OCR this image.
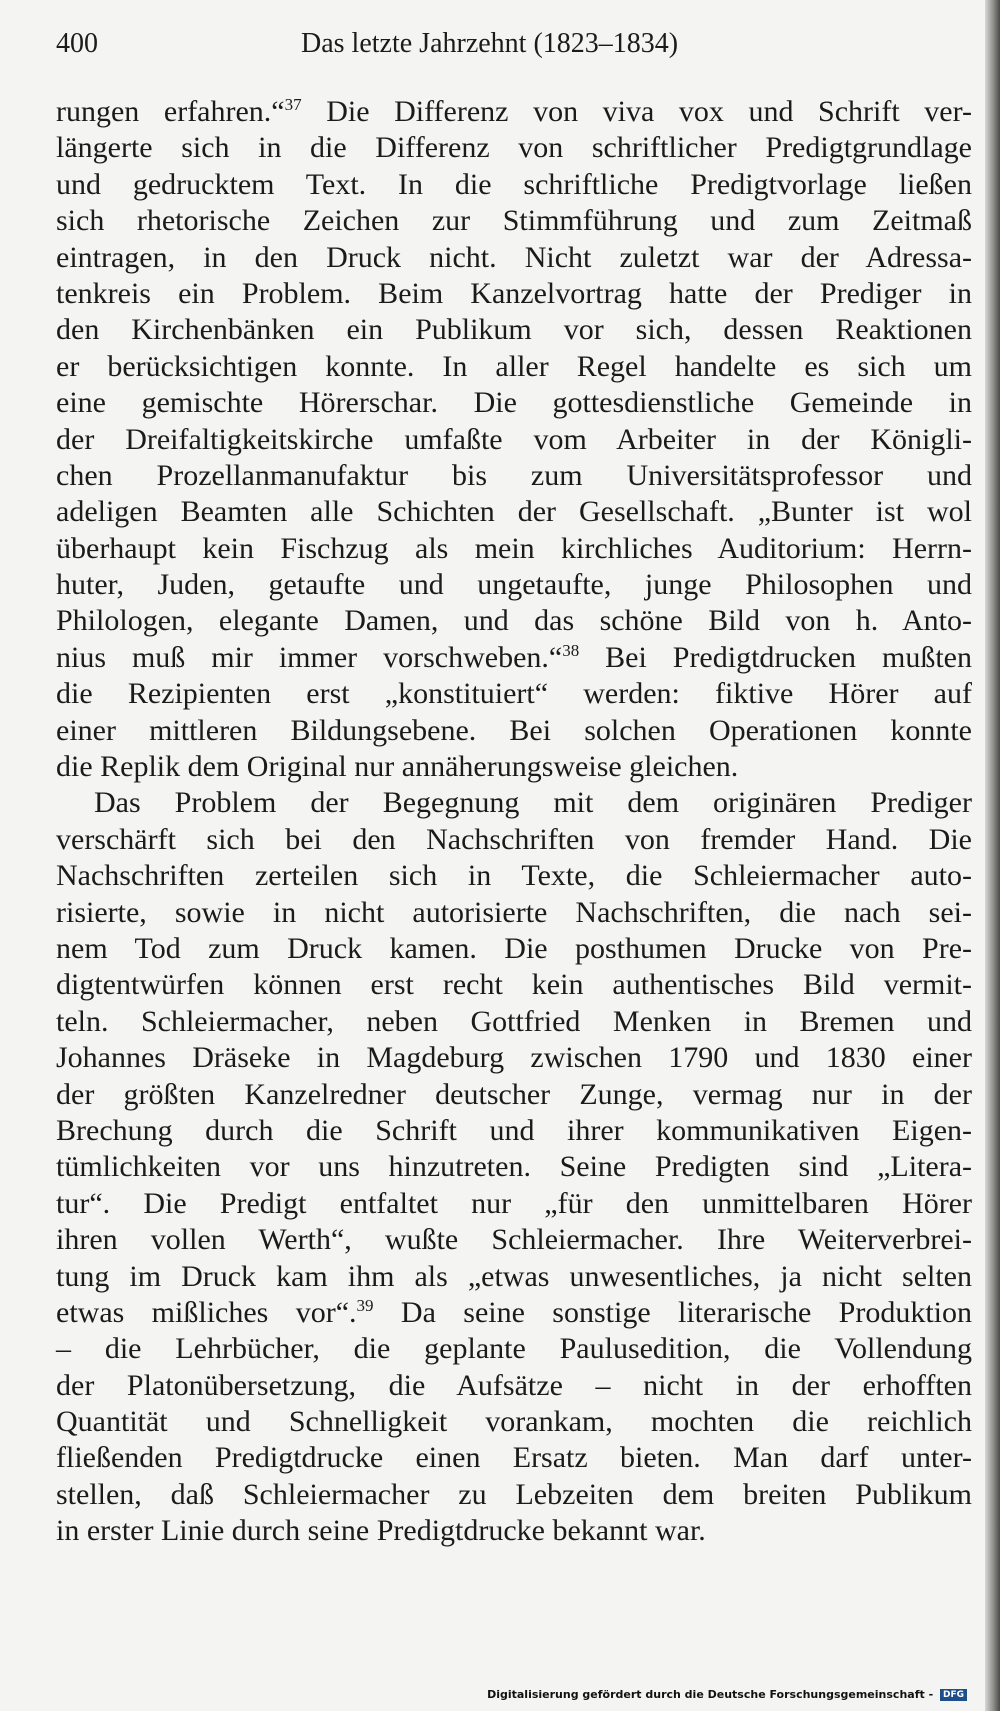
400	Das letzte Jahrzehnt (1823–1834)
rungen erfahren.“$^{37}$ Die Differenz von viva vox und Schrift ver-
längerte sich in die Differenz von schriftlicher Predigtgrundlage
und gedrucktem Text. In die schriftliche Predigtvorlage ließen
sich rhetorische Zeichen zur Stimmführung und zum Zeitmaß
eintragen, in den Druck nicht. Nicht zuletzt war der Adressa-
tenkreis ein Problem. Beim Kanzelvortrag hatte der Prediger in
den Kirchenbänken ein Publikum vor sich, dessen Reaktionen
er berücksichtigen konnte. In aller Regel handelte es sich um
eine gemischte Hörerschar. Die gottesdienstliche Gemeinde in
der Dreifaltigkeitskirche umfaßte vom Arbeiter in der Königli-
chen Prozellanmanufaktur bis zum Universitätsprofessor und
adeligen Beamten alle Schichten der Gesellschaft. „Bunter ist wol
überhaupt kein Fischzug als mein kirchliches Auditorium: Herrn-
huter, Juden, getaufte und ungetaufte, junge Philosophen und
Philologen, elegante Damen, und das schöne Bild von h. Anto-
nius muß mir immer vorschweben.“$^{38}$ Bei Predigtdrucken mußten
die Rezipienten erst „konstituiert“ werden: fiktive Hörer auf
einer mittleren Bildungsebene. Bei solchen Operationen konnte
die Replik dem Original nur annäherungsweise gleichen.
Das Problem der Begegnung mit dem originären Prediger
verschärft sich bei den Nachschriften von fremder Hand. Die
Nachschriften zerteilen sich in Texte, die Schleiermacher auto-
risierte, sowie in nicht autorisierte Nachschriften, die nach sei-
nem Tod zum Druck kamen. Die posthumen Drucke von Pre-
digtentwürfen können erst recht kein authentisches Bild vermit-
teln. Schleiermacher, neben Gottfried Menken in Bremen und
Johannes Dräseke in Magdeburg zwischen 1790 und 1830 einer
der größten Kanzelredner deutscher Zunge, vermag nur in der
Brechung durch die Schrift und ihrer kommunikativen Eigen-
tümlichkeiten vor uns hinzutreten. Seine Predigten sind „Litera-
tur“. Die Predigt entfaltet nur „für den unmittelbaren Hörer
ihren vollen Werth“, wußte Schleiermacher. Ihre Weiterverbrei-
tung im Druck kam ihm als „etwas unwesentliches, ja nicht selten
etwas mißliches vor“.$^{39}$ Da seine sonstige literarische Produktion
– die Lehrbücher, die geplante Paulusedition, die Vollendung
der Platonübersetzung, die Aufsätze – nicht in der erhofften
Quantität und Schnelligkeit vorankam, mochten die reichlich
fließenden Predigtdrucke einen Ersatz bieten. Man darf unter-
stellen, daß Schleiermacher zu Lebzeiten dem breiten Publikum
in erster Linie durch seine Predigtdrucke bekannt war.
Digitalisierung gefördert durch die Deutsche Forschungsgemeinschaft - DFG
